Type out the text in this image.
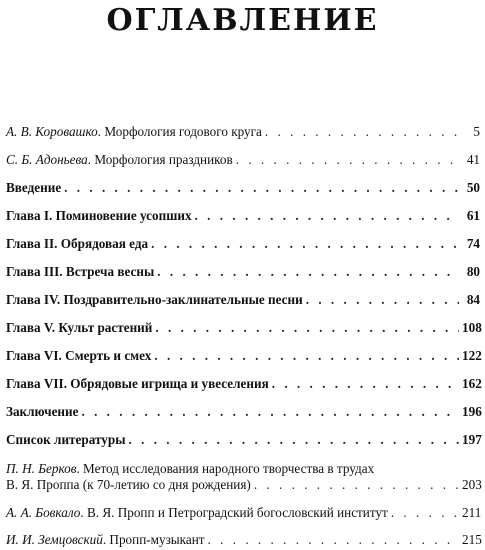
ОГЛАВЛЕНИЕ
А. В. Коровашко. Морфология годового круга . . .	5
С. Б. Адоньева. Морфология праздников . . .	41
Введение . . .	50
Глава I. Поминовение усопших . . .	61
Глава II. Обрядовая еда . . .	74
Глава III. Встреча весны . . .	80
Глава IV. Поздравительно-заклинательные песни . . .	84
Глава V. Культ растений . . .	108
Глава VI. Смерть и смех . . .	122
Глава VII. Обрядовые игрища и увеселения . . .	162
Заключение . . .	196
Список литературы . . .	197
П. Н. Берков. Метод исследования народного творчества в трудах
В. Я. Проппа (к 70-летию со дня рождения) . . .	203
А. А. Бовкало. В. Я. Пропп и Петроградский богословский институт . . .	211
И. И. Земцовский. Пропп-музыкант . . .	215
